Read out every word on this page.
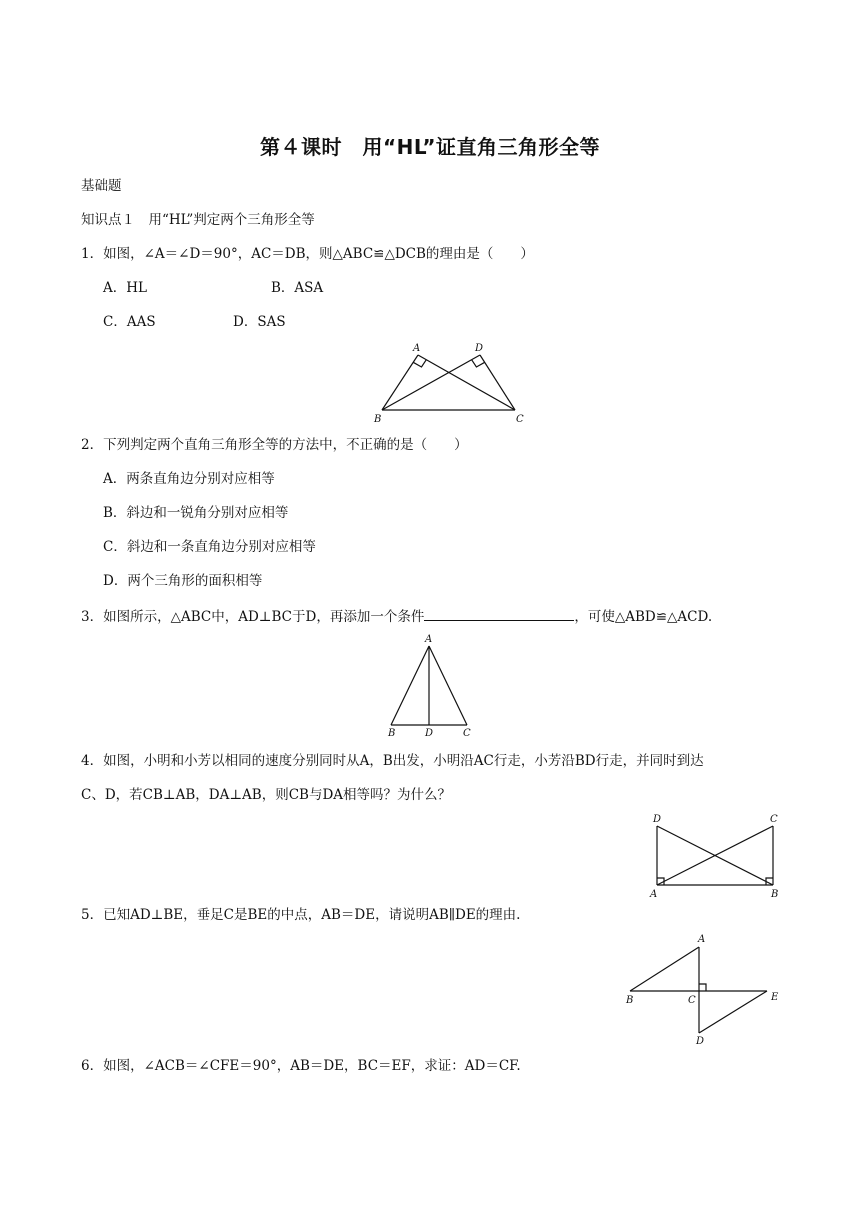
第４课时　用“HL”证直角三角形全等
基础题
知识点１　用“HL”判定两个三角形全等
1．如图，∠A＝∠D＝90°，AC＝DB，则△ABC≌△DCB的理由是（　　）
A．HL	B．ASA
C．AAS	D．SAS
A	D
B	C
2．下列判定两个直角三角形全等的方法中，不正确的是（　　）
A．两条直角边分别对应相等
B．斜边和一锐角分别对应相等
C．斜边和一条直角边分别对应相等
D．两个三角形的面积相等
3．如图所示，△ABC中，AD⊥BC于D，再添加一个条件	，可使△ABD≌△ACD.
A
B	D	C
4．如图，小明和小芳以相同的速度分别同时从A，B出发，小明沿AC行走，小芳沿BD行走，并同时到达
C、D，若CB⊥AB，DA⊥AB，则CB与DA相等吗？为什么？
D	C
A	B
5．已知AD⊥BE，垂足C是BE的中点，AB＝DE，请说明AB∥DE的理由.
A
B	C	E
D
6．如图，∠ACB＝∠CFE＝90°，AB＝DE，BC＝EF，求证：AD＝CF.
